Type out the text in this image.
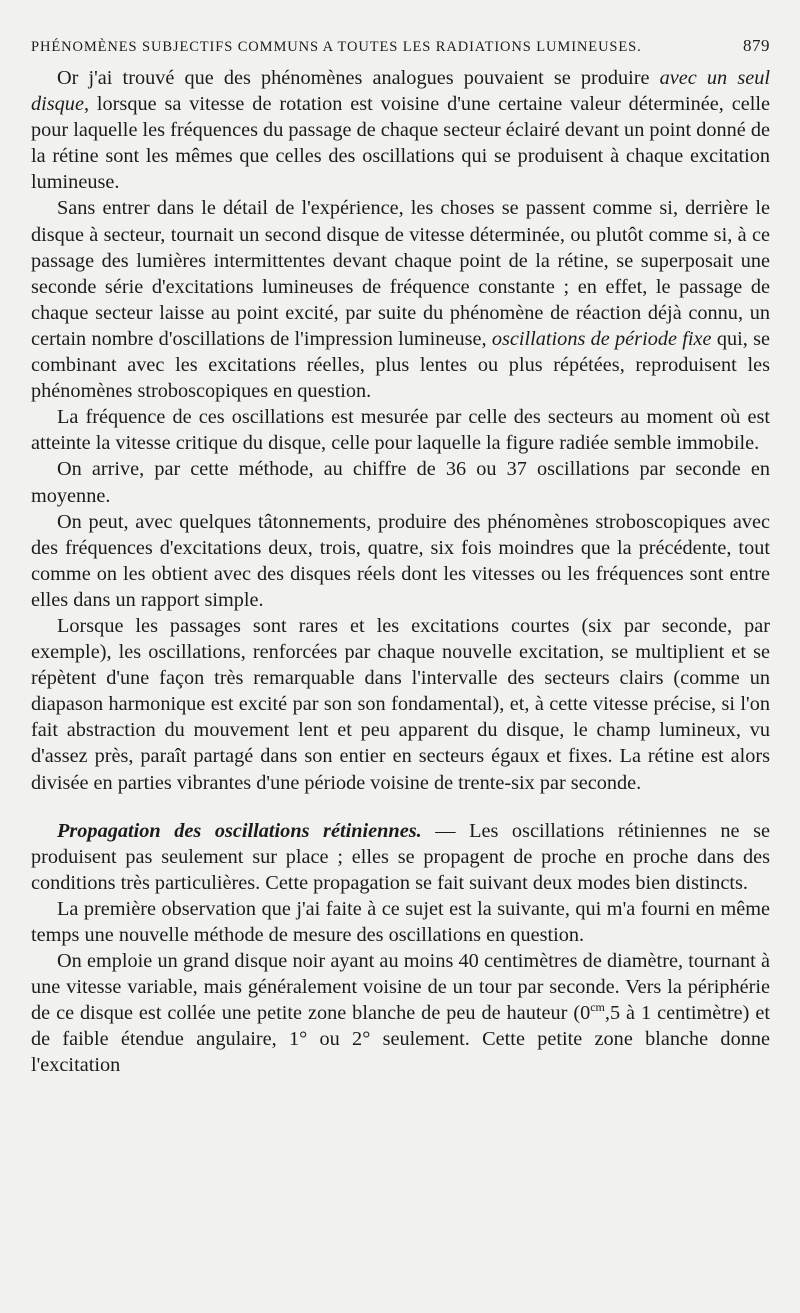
PHÉNOMÈNES SUBJECTIFS COMMUNS A TOUTES LES RADIATIONS LUMINEUSES.	879

Or j'ai trouvé que des phénomènes analogues pouvaient se produire avec un seul disque, lorsque sa vitesse de rotation est voisine d'une certaine valeur déterminée, celle pour laquelle les fréquences du passage de chaque secteur éclairé devant un point donné de la rétine sont les mêmes que celles des oscillations qui se produisent à chaque excitation lumineuse.

Sans entrer dans le détail de l'expérience, les choses se passent comme si, derrière le disque à secteur, tournait un second disque de vitesse déterminée, ou plutôt comme si, à ce passage des lumières intermittentes devant chaque point de la rétine, se superposait une seconde série d'excitations lumineuses de fréquence constante ; en effet, le passage de chaque secteur laisse au point excité, par suite du phénomène de réaction déjà connu, un certain nombre d'oscillations de l'impression lumineuse, oscillations de période fixe qui, se combinant avec les excitations réelles, plus lentes ou plus répétées, reproduisent les phénomènes stroboscopiques en question.

La fréquence de ces oscillations est mesurée par celle des secteurs au moment où est atteinte la vitesse critique du disque, celle pour laquelle la figure radiée semble immobile.

On arrive, par cette méthode, au chiffre de 36 ou 37 oscillations par seconde en moyenne.

On peut, avec quelques tâtonnements, produire des phénomènes stroboscopiques avec des fréquences d'excitations deux, trois, quatre, six fois moindres que la précédente, tout comme on les obtient avec des disques réels dont les vitesses ou les fréquences sont entre elles dans un rapport simple.

Lorsque les passages sont rares et les excitations courtes (six par seconde, par exemple), les oscillations, renforcées par chaque nouvelle excitation, se multiplient et se répètent d'une façon très remarquable dans l'intervalle des secteurs clairs (comme un diapason harmonique est excité par son son fondamental), et, à cette vitesse précise, si l'on fait abstraction du mouvement lent et peu apparent du disque, le champ lumineux, vu d'assez près, paraît partagé dans son entier en secteurs égaux et fixes. La rétine est alors divisée en parties vibrantes d'une période voisine de trente-six par seconde.

Propagation des oscillations rétiniennes. — Les oscillations rétiniennes ne se produisent pas seulement sur place ; elles se propagent de proche en proche dans des conditions très particulières. Cette propagation se fait suivant deux modes bien distincts.

La première observation que j'ai faite à ce sujet est la suivante, qui m'a fourni en même temps une nouvelle méthode de mesure des oscillations en question.

On emploie un grand disque noir ayant au moins 40 centimètres de diamètre, tournant à une vitesse variable, mais généralement voisine de un tour par seconde. Vers la périphérie de ce disque est collée une petite zone blanche de peu de hauteur ($0^{cm},5$ à 1 centimètre) et de faible étendue angulaire, 1° ou 2° seulement. Cette petite zone blanche donne l'excitation
